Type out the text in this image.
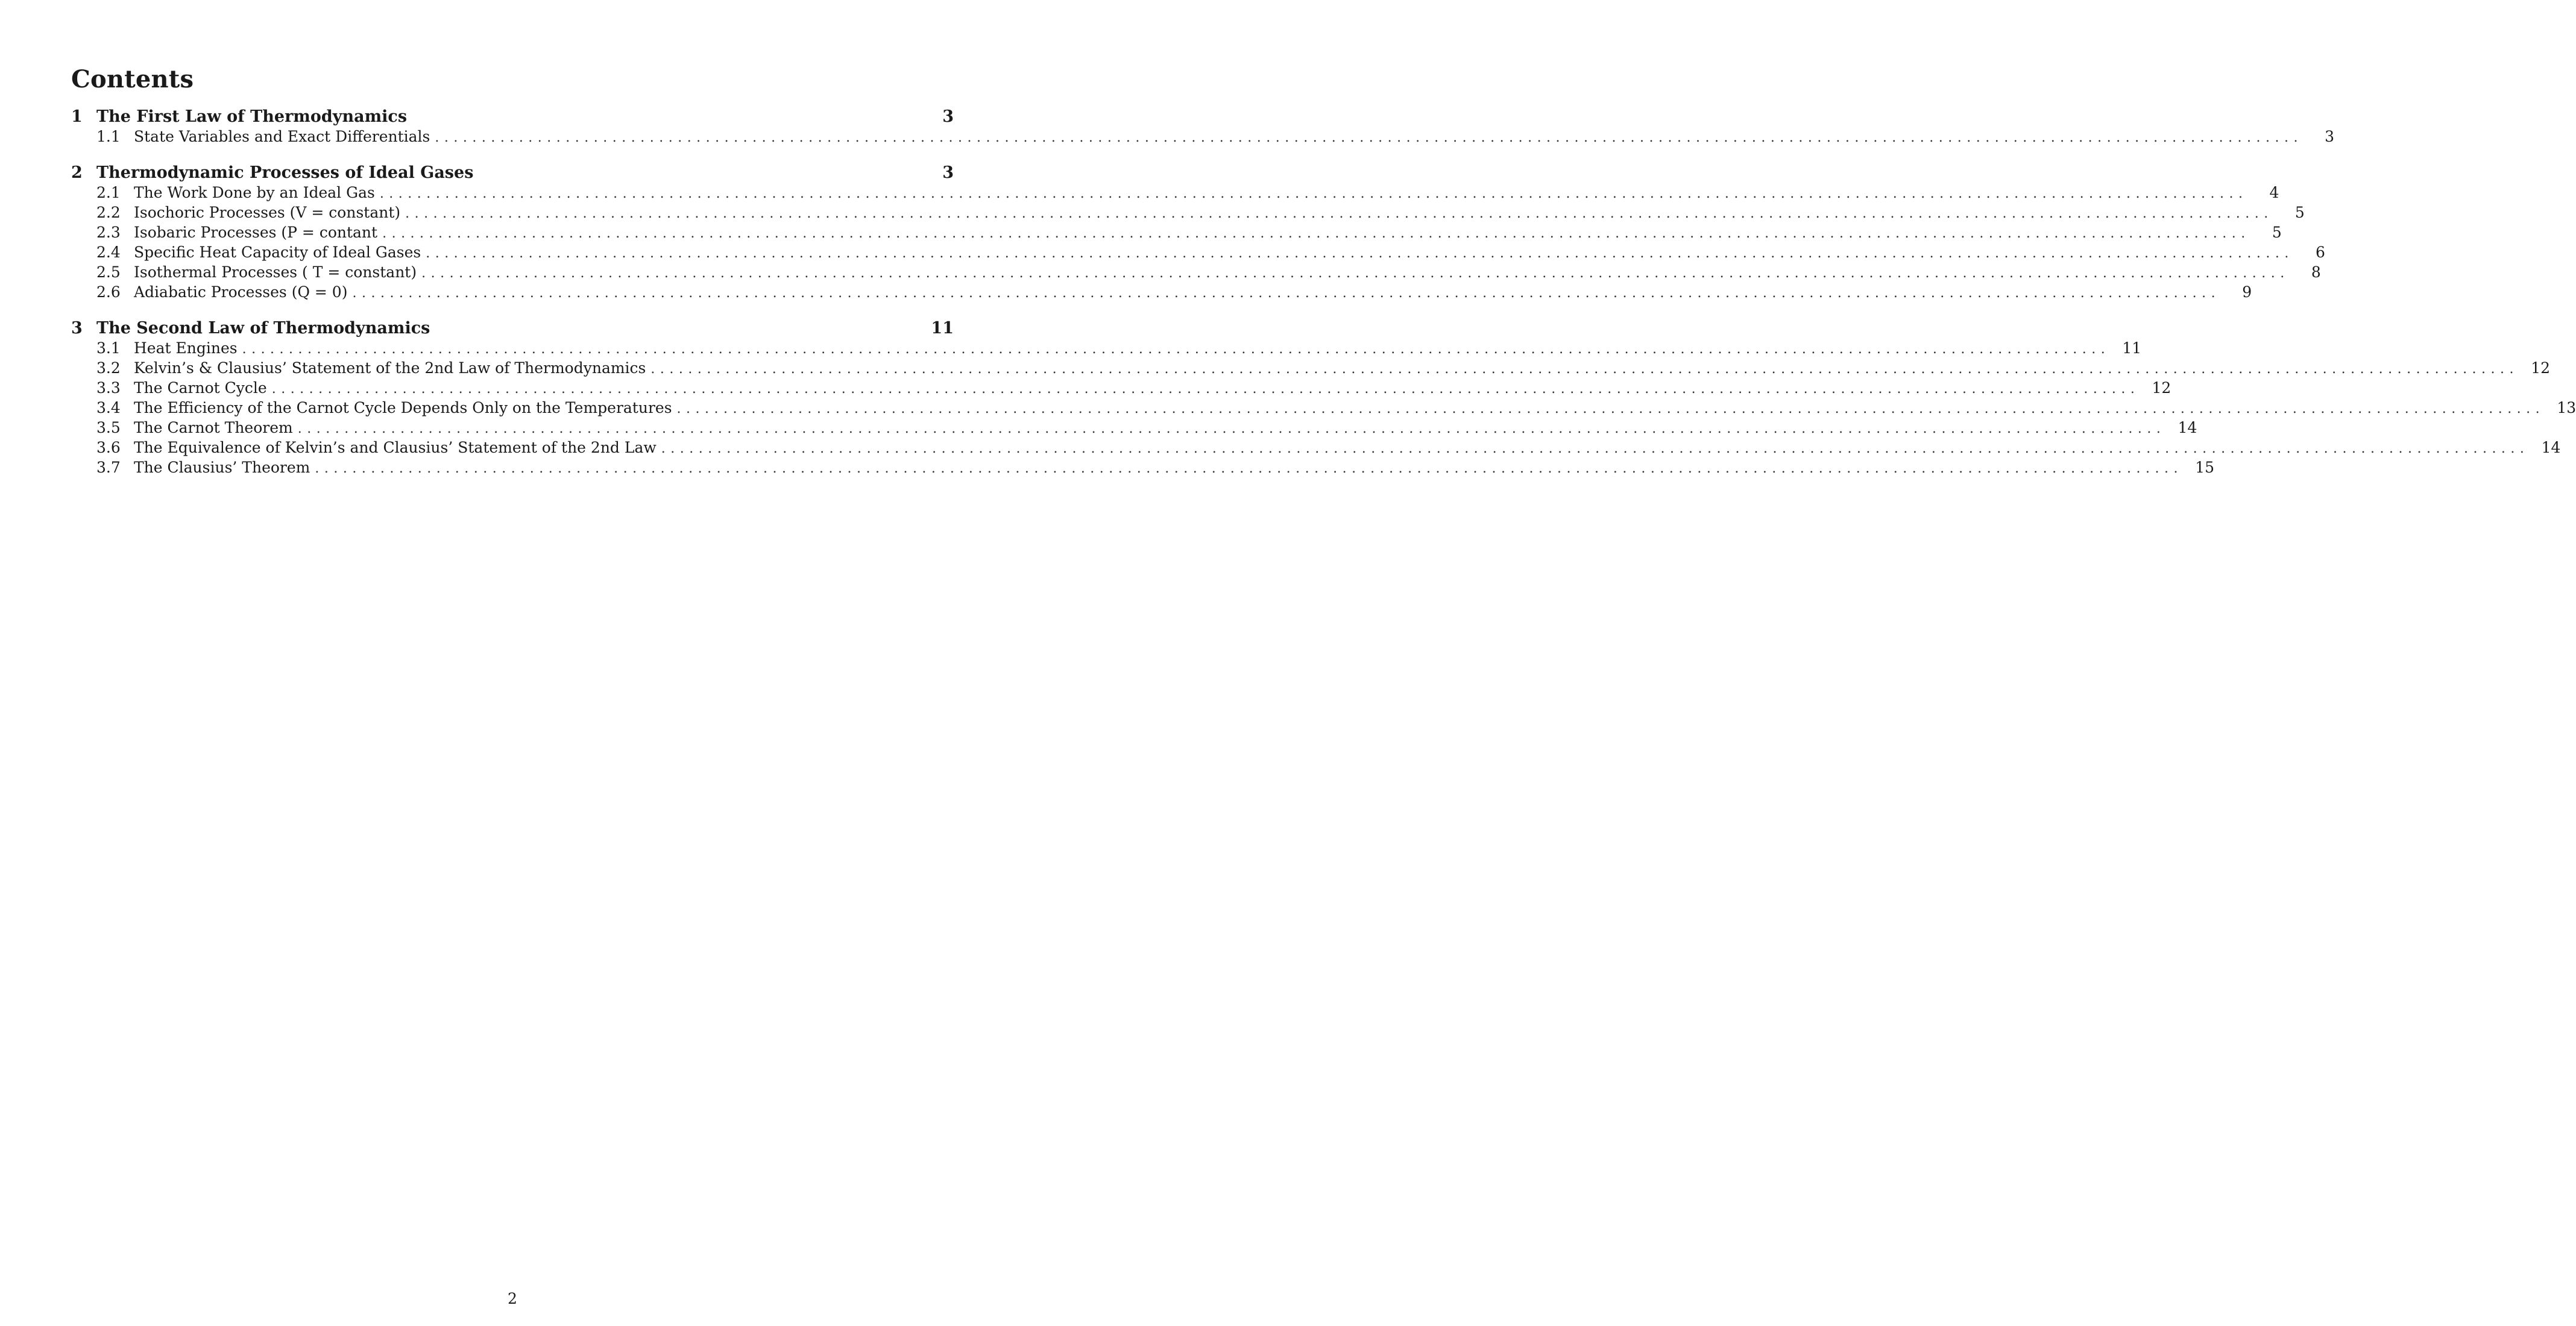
Contents
1 The First Law of Thermodynamics	3
1.1 State Variables and Exact Differentials ........................................................................................................................................................................................................	3
2 Thermodynamic Processes of Ideal Gases	3
2.1 The Work Done by an Ideal Gas ........................................................................................................................................................................................................	4
2.2 Isochoric Processes (V = constant) ........................................................................................................................................................................................................	5
2.3 Isobaric Processes (P = contant ........................................................................................................................................................................................................	5
2.4 Specific Heat Capacity of Ideal Gases ........................................................................................................................................................................................................	6
2.5 Isothermal Processes ( T = constant) ........................................................................................................................................................................................................	8
2.6 Adiabatic Processes (Q = 0) ........................................................................................................................................................................................................	9
3 The Second Law of Thermodynamics	11
3.1 Heat Engines ........................................................................................................................................................................................................ 11
3.2 Kelvin’s & Clausius’ Statement of the 2nd Law of Thermodynamics ........................................................................................................................................................................................................ 12
3.3 The Carnot Cycle ........................................................................................................................................................................................................ 12
3.4 The Efficiency of the Carnot Cycle Depends Only on the Temperatures ........................................................................................................................................................................................................ 13
3.5 The Carnot Theorem ........................................................................................................................................................................................................ 14
3.6 The Equivalence of Kelvin’s and Clausius’ Statement of the 2nd Law ........................................................................................................................................................................................................ 14
3.7 The Clausius’ Theorem ........................................................................................................................................................................................................ 15
2
